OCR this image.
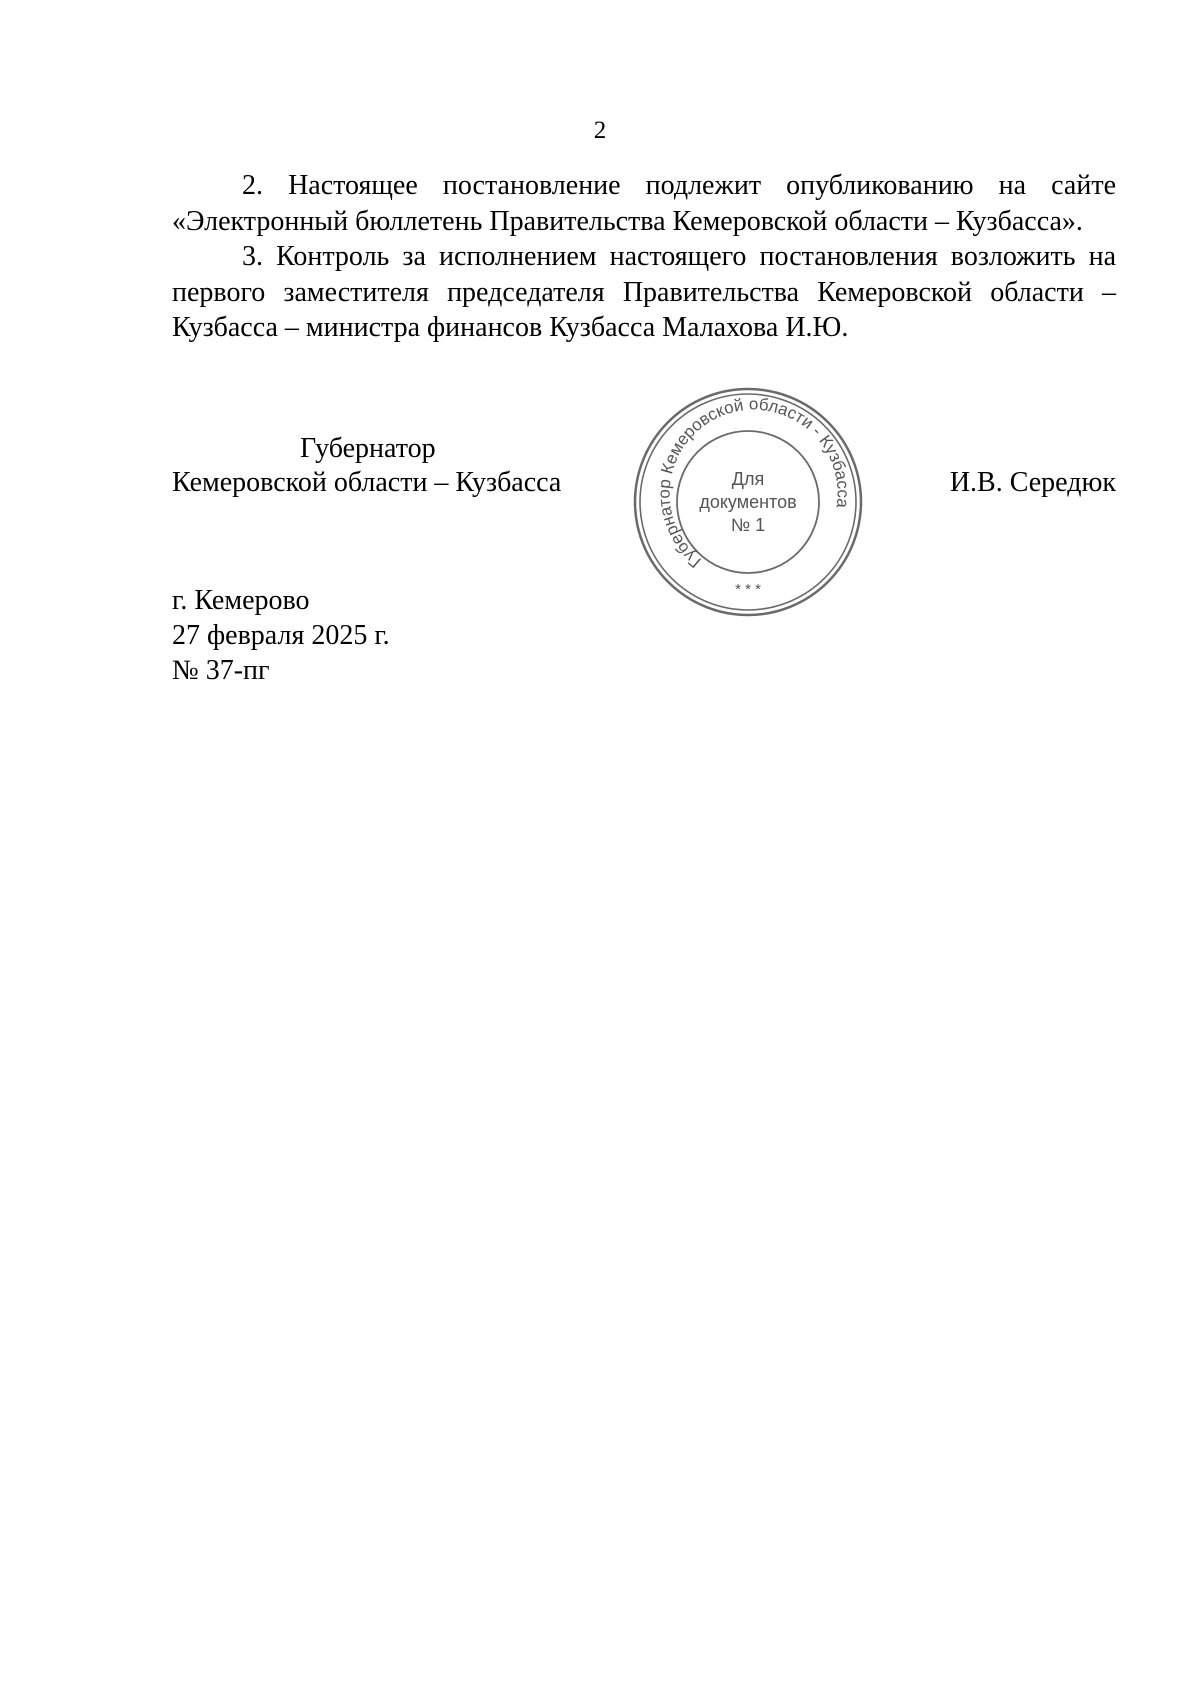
2

2. Настоящее постановление подлежит опубликованию на сайте «Электронный бюллетень Правительства Кемеровской области – Кузбасса».

3. Контроль за исполнением настоящего постановления возложить на первого заместителя председателя Правительства Кемеровской области – Кузбасса – министра финансов Кузбасса Малахова И.Ю.

Губернатор
Кемеровской области – Кузбасса	И.В. Середюк
Губернатор Кемеровской области - Кузбасса
Для
документов
№ 1
* * *
г. Кемерово
27 февраля 2025 г.
№ 37-пг
